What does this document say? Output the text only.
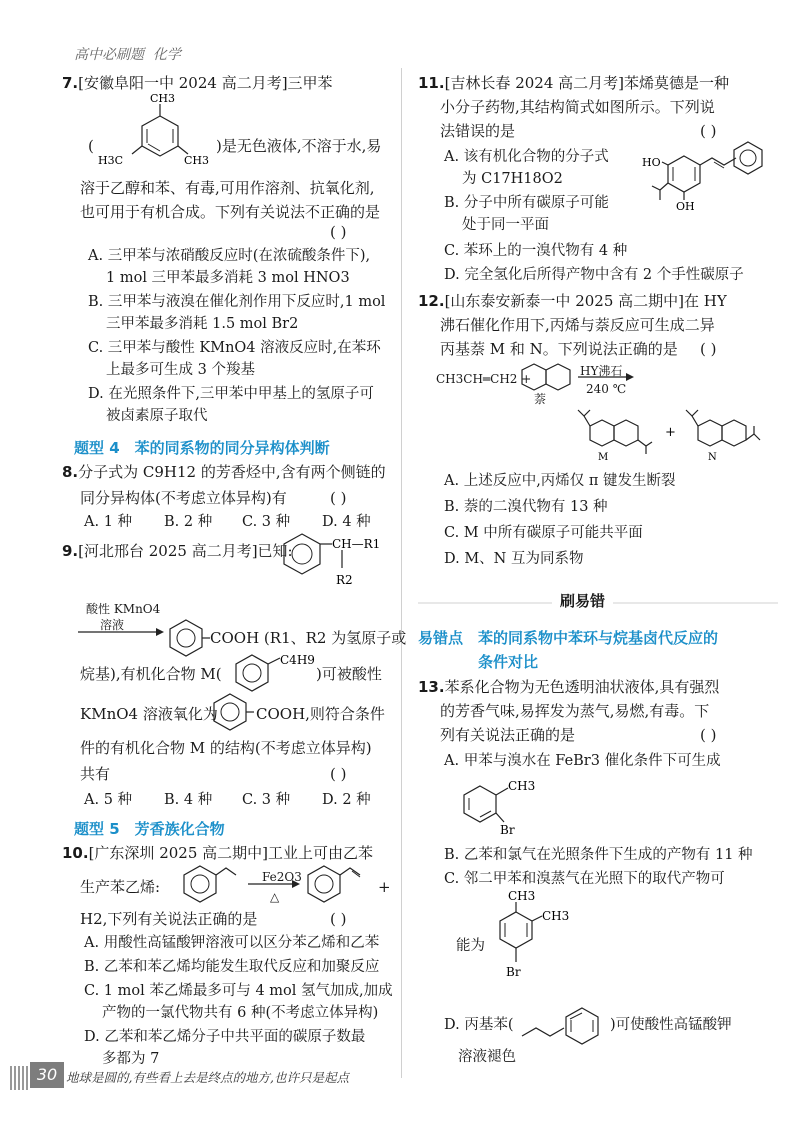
高中必刷题 化学
7.[安徽阜阳一中 2024 高二月考]三甲苯
CH3
H3C	CH3
(	)是无色液体,不溶于水,易
溶于乙醇和苯、有毒,可用作溶剂、抗氧化剂,
也可用于有机合成。下列有关说法不正确的是
( )
A. 三甲苯与浓硝酸反应时(在浓硫酸条件下),
1 mol 三甲苯最多消耗 3 mol HNO3
B. 三甲苯与液溴在催化剂作用下反应时,1 mol
三甲苯最多消耗 1.5 mol Br2
C. 三甲苯与酸性 KMnO4 溶液反应时,在苯环
上最多可生成 3 个羧基
D. 在光照条件下,三甲苯中甲基上的氢原子可
被卤素原子取代
题型 4　苯的同系物的同分异构体判断
8.分子式为 C9H12 的芳香烃中,含有两个侧链的
同分异构体(不考虑立体异构)有	( )
A. 1 种 B. 2 种 C. 3 种 D. 4 种
9.[河北邢台 2025 高二月考]已知:	CH—R1
R2
酸性 KMnO4
溶液
COOH (R1、R2 为氢原子或
烷基),有机化合物 M(
C4H9
)可被酸性
KMnO4 溶液氧化为	COOH,则符合条件
件的有机化合物 M 的结构(不考虑立体异构)
共有	( )
A. 5 种 B. 4 种 C. 3 种 D. 2 种
题型 5　芳香族化合物
10.[广东深圳 2025 高二期中]工业上可由乙苯
生产苯乙烯:
Fe2O3
△
+
H2,下列有关说法正确的是	( )
A. 用酸性高锰酸钾溶液可以区分苯乙烯和乙苯
B. 乙苯和苯乙烯均能发生取代反应和加聚反应
C. 1 mol 苯乙烯最多可与 4 mol 氢气加成,加成
产物的一氯代物共有 6 种(不考虑立体异构)
D. 乙苯和苯乙烯分子中共平面的碳原子数最
多都为 7
11.[吉林长春 2024 高二月考]苯烯莫德是一种
小分子药物,其结构简式如图所示。下列说
法错误的是	( )
A. 该有机化合物的分子式
为 C17H18O2
HO
OH
B. 分子中所有碳原子可能
处于同一平面
C. 苯环上的一溴代物有 4 种
D. 完全氢化后所得产物中含有 2 个手性碳原子
12.[山东泰安新泰一中 2025 高二期中]在 HY
沸石催化作用下,丙烯与萘反应可生成二异
丙基萘 M 和 N。下列说法正确的是 ( )
CH3CH═CH2 +
萘
HY沸石
240 ℃
M
+
N
A. 上述反应中,丙烯仅 π 键发生断裂
B. 萘的二溴代物有 13 种
C. M 中所有碳原子可能共平面
D. M、N 互为同系物
刷易错
易错点　苯的同系物中苯环与烷基卤代反应的
条件对比
13.苯系化合物为无色透明油状液体,具有强烈
的芳香气味,易挥发为蒸气,易燃,有毒。下
列有关说法正确的是	( )
A. 甲苯与溴水在 FeBr3 催化条件下可生成
CH3
Br
B. 乙苯和氯气在光照条件下生成的产物有 11 种
C. 邻二甲苯和溴蒸气在光照下的取代产物可
CH3
CH3
Br
能为
D. 丙基苯(	)可使酸性高锰酸钾
溶液褪色
30 地球是圆的,有些看上去是终点的地方,也许只是起点
